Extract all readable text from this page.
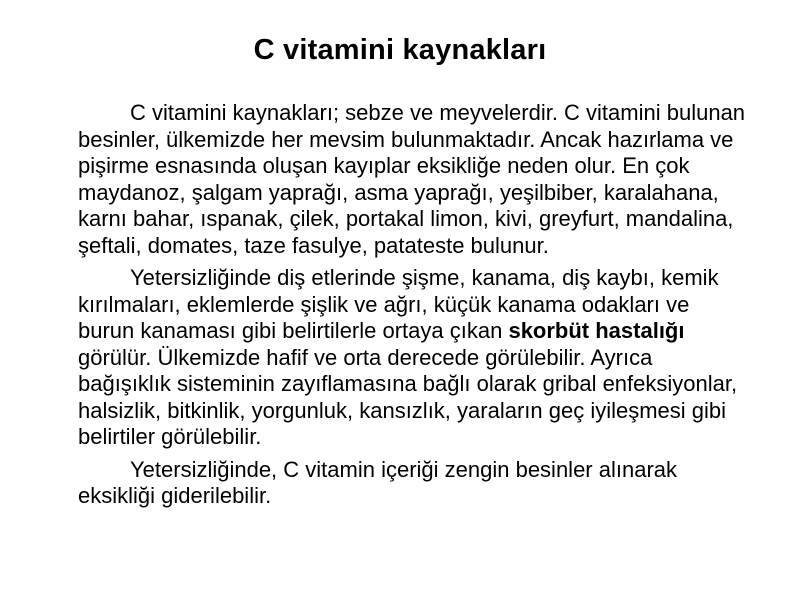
C vitamini kaynakları

C vitamini kaynakları; sebze ve meyvelerdir. C vitamini bulunan besinler, ülkemizde her mevsim bulunmaktadır. Ancak hazırlama ve pişirme esnasında oluşan kayıplar eksikliğe neden olur. En çok maydanoz, şalgam yaprağı, asma yaprağı, yeşilbiber, karalahana, karnı bahar, ıspanak, çilek, portakal limon, kivi, greyfurt, mandalina, şeftali, domates, taze fasulye, patateste bulunur.

Yetersizliğinde diş etlerinde şişme, kanama, diş kaybı, kemik kırılmaları, eklemlerde şişlik ve ağrı, küçük kanama odakları ve burun kanaması gibi belirtilerle ortaya çıkan skorbüt hastalığı görülür. Ülkemizde hafif ve orta derecede görülebilir. Ayrıca bağışıklık sisteminin zayıflamasına bağlı olarak gribal enfeksiyonlar, halsizlik, bitkinlik, yorgunluk, kansızlık, yaraların geç iyileşmesi gibi belirtiler görülebilir.

Yetersizliğinde, C vitamin içeriği zengin besinler alınarak eksikliği giderilebilir.
